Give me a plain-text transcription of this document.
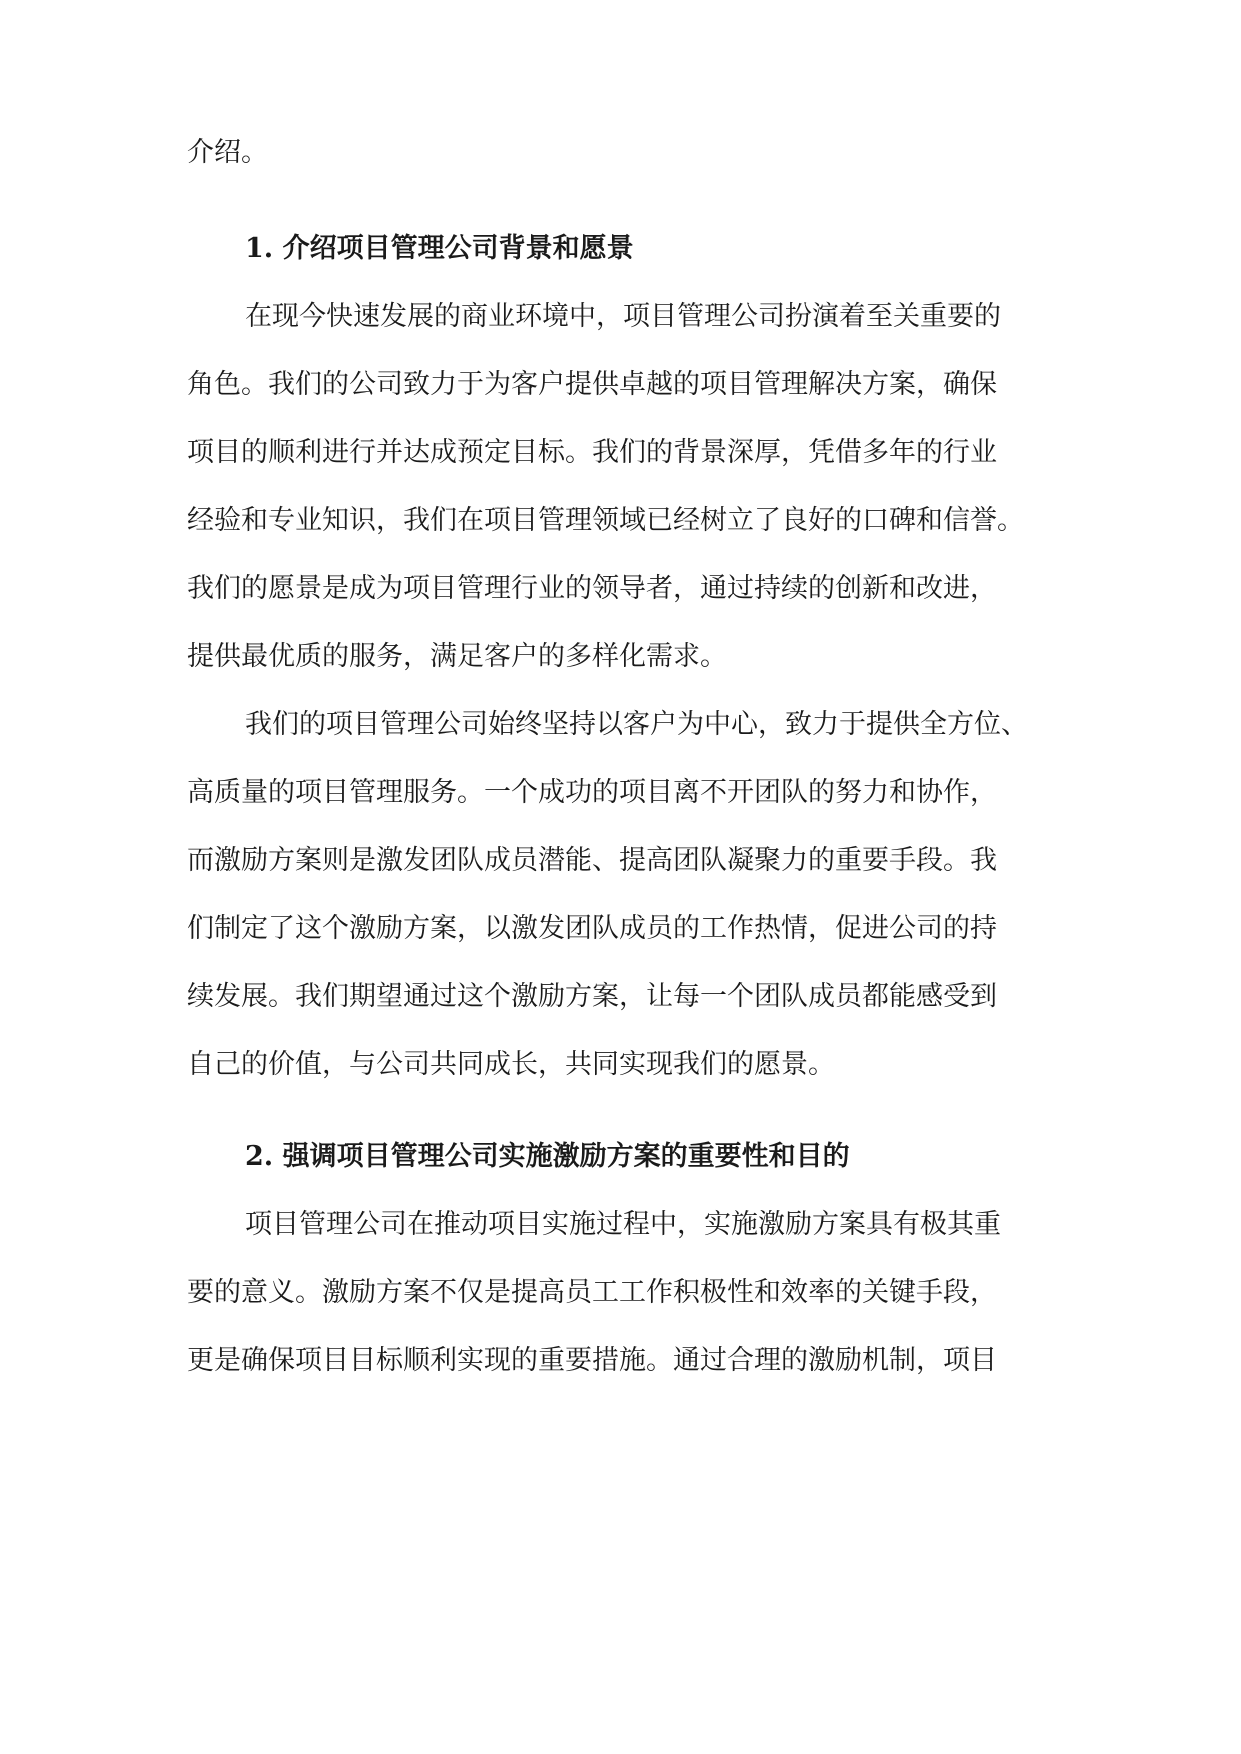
介绍。
1. 介绍项目管理公司背景和愿景
在现今快速发展的商业环境中，项目管理公司扮演着至关重要的
角色。我们的公司致力于为客户提供卓越的项目管理解决方案，确保
项目的顺利进行并达成预定目标。我们的背景深厚，凭借多年的行业
经验和专业知识，我们在项目管理领域已经树立了良好的口碑和信誉。
我们的愿景是成为项目管理行业的领导者，通过持续的创新和改进，
提供最优质的服务，满足客户的多样化需求。
我们的项目管理公司始终坚持以客户为中心，致力于提供全方位、
高质量的项目管理服务。一个成功的项目离不开团队的努力和协作，
而激励方案则是激发团队成员潜能、提高团队凝聚力的重要手段。我
们制定了这个激励方案，以激发团队成员的工作热情，促进公司的持
续发展。我们期望通过这个激励方案，让每一个团队成员都能感受到
自己的价值，与公司共同成长，共同实现我们的愿景。
2. 强调项目管理公司实施激励方案的重要性和目的
项目管理公司在推动项目实施过程中，实施激励方案具有极其重
要的意义。激励方案不仅是提高员工工作积极性和效率的关键手段，
更是确保项目目标顺利实现的重要措施。通过合理的激励机制，项目
